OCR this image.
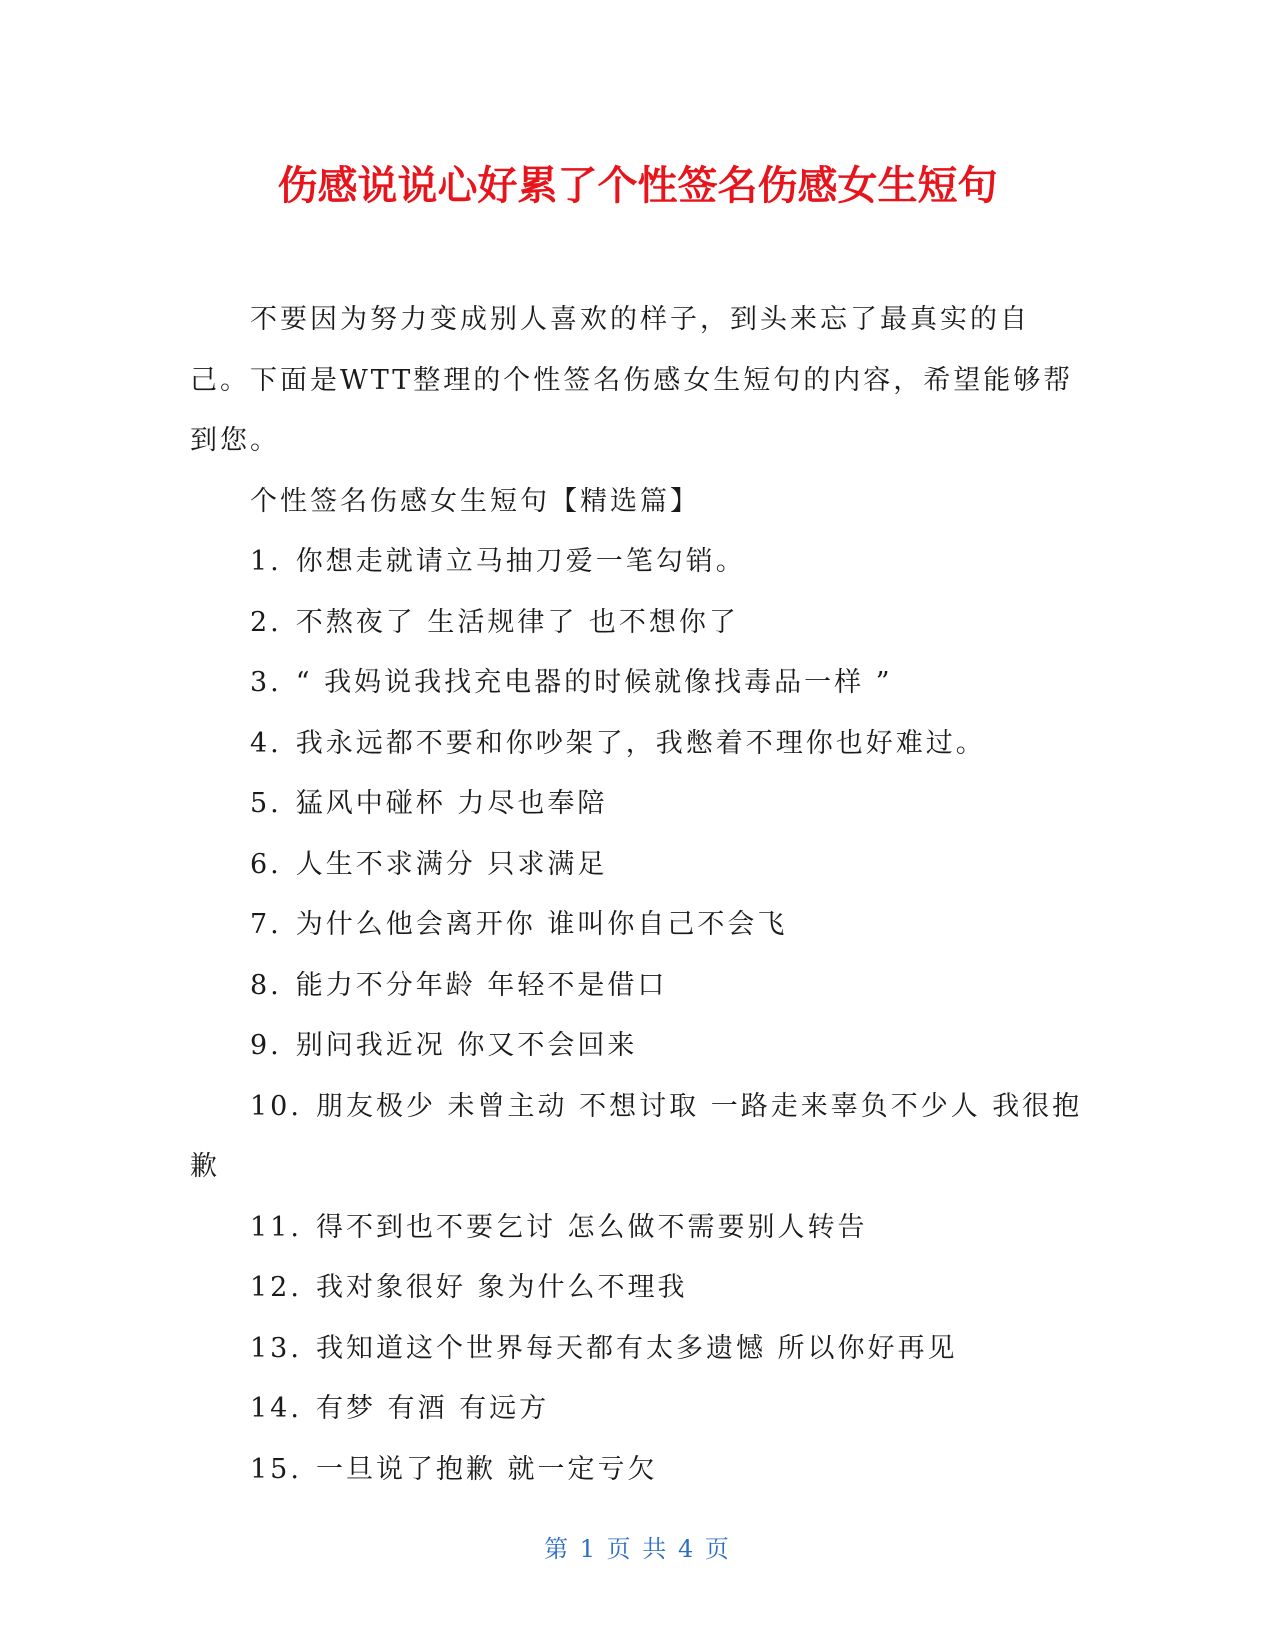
伤感说说心好累了个性签名伤感女生短句

不要因为努力变成别人喜欢的样子，到头来忘了最真实的自己。下面是WTT整理的个性签名伤感女生短句的内容，希望能够帮到您。

个性签名伤感女生短句【精选篇】

1. 你想走就请立马抽刀爱一笔勾销。
2. 不熬夜了 生活规律了 也不想你了
3. “ 我妈说我找充电器的时候就像找毒品一样 ”
4. 我永远都不要和你吵架了，我憋着不理你也好难过。
5. 猛风中碰杯 力尽也奉陪
6. 人生不求满分 只求满足
7. 为什么他会离开你 谁叫你自己不会飞
8. 能力不分年龄 年轻不是借口
9. 别问我近况 你又不会回来
10. 朋友极少 未曾主动 不想讨取 一路走来辜负不少人 我很抱歉
11. 得不到也不要乞讨 怎么做不需要别人转告
12. 我对象很好 象为什么不理我
13. 我知道这个世界每天都有太多遗憾 所以你好再见
14. 有梦 有酒 有远方
15. 一旦说了抱歉 就一定亏欠

第 1 页 共 4 页
